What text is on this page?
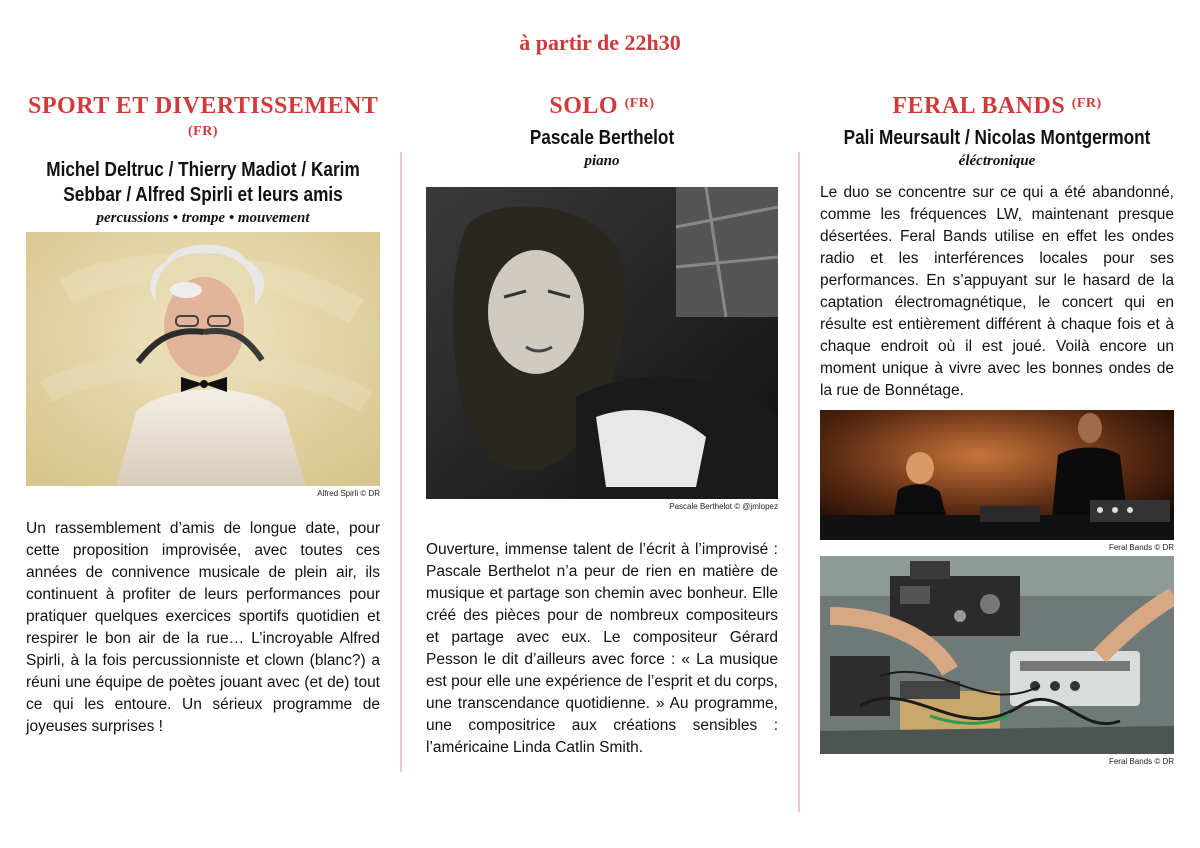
à partir de 22h30
SPORT ET DIVERTISSEMENT $^{(FR)}$
Michel Deltruc / Thierry Madiot / Karim Sebbar / Alfred Spirli et leurs amis
percussions • trompe • mouvement
Alfred Spirli © DR

Un rassemblement d’amis de longue date, pour cette proposition improvisée, avec toutes ces années de connivence musicale de plein air, ils continuent à profiter de leurs performances pour pratiquer quelques exercices sportifs quotidien et respirer le bon air de la rue… L’incroyable Alfred Spirli, à la fois percussionniste et clown (blanc?) a réuni une équipe de poètes jouant avec (et de) tout ce qui les entoure. Un sérieux programme de joyeuses surprises !

SOLO $^{(FR)}$
Pascale Berthelot
piano
Pascale Berthelot © @jmlopez

Ouverture, immense talent de l’écrit à l’improvisé : Pascale Berthelot n’a peur de rien en matière de musique et partage son chemin avec bonheur. Elle créé des pièces pour de nombreux compositeurs et partage avec eux. Le compositeur Gérard Pesson le dit d’ailleurs avec force : « La musique est pour elle une expérience de l’esprit et du corps, une transcendance quotidienne. » Au programme, une compositrice aux créations sensibles : l’américaine Linda Catlin Smith.

FERAL BANDS $^{(FR)}$
Pali Meursault / Nicolas Montgermont
éléctronique

Le duo se concentre sur ce qui a été abandonné, comme les fréquences LW, maintenant presque désertées. Feral Bands utilise en effet les ondes radio et les interférences locales pour ses performances. En s’appuyant sur le hasard de la captation électromagnétique, le concert qui en résulte est entièrement différent à chaque fois et à chaque endroit où il est joué. Voilà encore un moment unique à vivre avec les bonnes ondes de la rue de Bonnétage.

Feral Bands © DR
Feral Bands © DR
